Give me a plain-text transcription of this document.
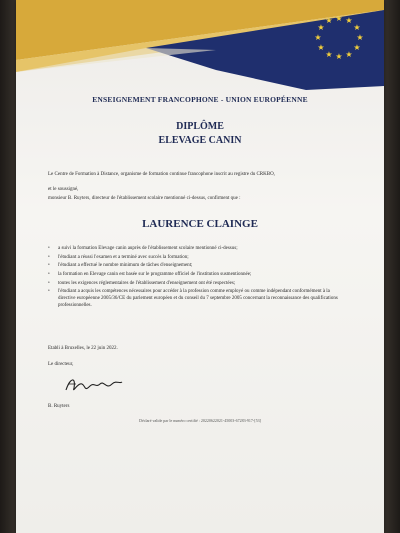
★ ★
★
★
★
★
★
★
★
★
★
★
ENSEIGNEMENT FRANCOPHONE - UNION EUROPÉENNE
DIPLÔME
ELEVAGE CANIN
Le Centre de Formation à Distance, organisme de formation continue francophone inscrit au registre du CRKBO,
et le soussigné,
monsieur B. Ruyters, directeur de l'établissement scolaire mentionné ci-dessus, confirment que :
LAURENCE CLAINGE
• a suivi la formation Elevage canin auprès de l'établissement scolaire mentionné ci-dessus;
• l'étudiant a réussi l'examen et a terminé avec succès la formation;
• l'étudiant a effectué le nombre minimum de tâches d'enseignement;
• la formation en Elevage canin est basée sur le programme officiel de l'institution susmentionnée;
• toutes les exigences réglementaires de l'établissement d'enseignement ont été respectées;
• l'étudiant a acquis les compétences nécessaires pour accéder à la profession comme employé ou comme indépendant conformément à la directive européenne 2005/36/CE du parlement européen et du conseil du 7 septembre 2005 concernant la reconnaissance des qualifications professionnelles.
Etabli à Bruxelles, le 22 juin 2022.
Le directeur,
B. Ruyters
Déclaré valide par le numéro certifié : 20220622021-45003-67283-917-[53]
